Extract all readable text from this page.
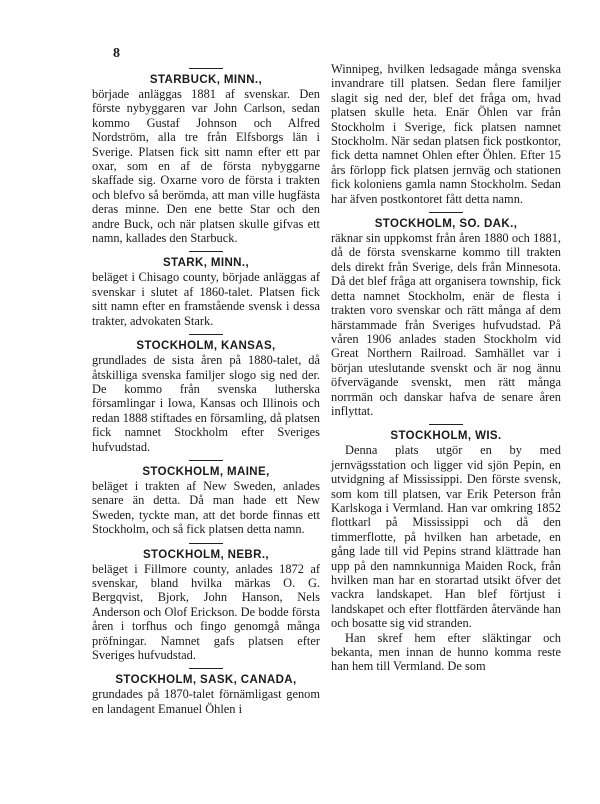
8
STARBUCK, MINN.,

började anläggas 1881 af svenskar. Den förste nybyggaren var John Carlson, sedan kommo Gustaf Johnson och Alfred Nordström, alla tre från Elfsborgs län i Sverige. Platsen fick sitt namn efter ett par oxar, som en af de första nybyggarne skaffade sig. Oxarne voro de första i trakten och blefvo så berömda, att man ville hugfästa deras minne. Den ene bette Star och den andre Buck, och när platsen skulle gifvas ett namn, kallades den Starbuck.

STARK, MINN.,

beläget i Chisago county, började anläggas af svenskar i slutet af 1860-talet. Platsen fick sitt namn efter en framstående svensk i dessa trakter, advokaten Stark.

STOCKHOLM, KANSAS,

grundlades de sista åren på 1880-talet, då åtskilliga svenska familjer slogo sig ned der. De kommo från svenska lutherska församlingar i Iowa, Kansas och Illinois och redan 1888 stiftades en församling, då platsen fick namnet Stockholm efter Sveriges hufvudstad.

STOCKHOLM, MAINE,

beläget i trakten af New Sweden, anlades senare än detta. Då man hade ett New Sweden, tyckte man, att det borde finnas ett Stockholm, och så fick platsen detta namn.

STOCKHOLM, NEBR.,

beläget i Fillmore county, anlades 1872 af svenskar, bland hvilka märkas O. G. Bergqvist, Bjork, John Hanson, Nels Anderson och Olof Erickson. De bodde första åren i torfhus och fingo genomgå många pröfningar. Namnet gafs platsen efter Sveriges hufvudstad.

STOCKHOLM, SASK, CANADA,

grundades på 1870-talet förnämligast genom en landagent Emanuel Öhlen i

Winnipeg, hvilken ledsagade många svenska invandrare till platsen. Sedan flere familjer slagit sig ned der, blef det fråga om, hvad platsen skulle heta. Enär Öhlen var från Stockholm i Sverige, fick platsen namnet Stockholm. När sedan platsen fick postkontor, fick detta namnet Ohlen efter Öhlen. Efter 15 års förlopp fick platsen jernväg och stationen fick koloniens gamla namn Stockholm. Sedan har äfven postkontoret fått detta namn.

STOCKHOLM, SO. DAK.,

räknar sin uppkomst från åren 1880 och 1881, då de första svenskarne kommo till trakten dels direkt från Sverige, dels från Minnesota. Då det blef fråga att organisera township, fick detta namnet Stockholm, enär de flesta i trakten voro svenskar och rätt många af dem härstammade från Sveriges hufvudstad. På våren 1906 anlades staden Stockholm vid Great Northern Railroad. Samhället var i början uteslutande svenskt och är nog ännu öfvervägande svenskt, men rätt många norrmän och danskar hafva de senare åren inflyttat.

STOCKHOLM, WIS.

Denna plats utgör en by med jernvägsstation och ligger vid sjön Pepin, en utvidgning af Mississippi. Den förste svensk, som kom till platsen, var Erik Peterson från Karlskoga i Vermland. Han var omkring 1852 flottkarl på Mississippi och då den timmerflotte, på hvilken han arbetade, en gång lade till vid Pepins strand klättrade han upp på den namnkunniga Maiden Rock, från hvilken man har en storartad utsikt öfver det vackra landskapet. Han blef förtjust i landskapet och efter flottfärden återvände han och bosatte sig vid stranden.

Han skref hem efter släktingar och bekanta, men innan de hunno komma reste han hem till Vermland. De som
